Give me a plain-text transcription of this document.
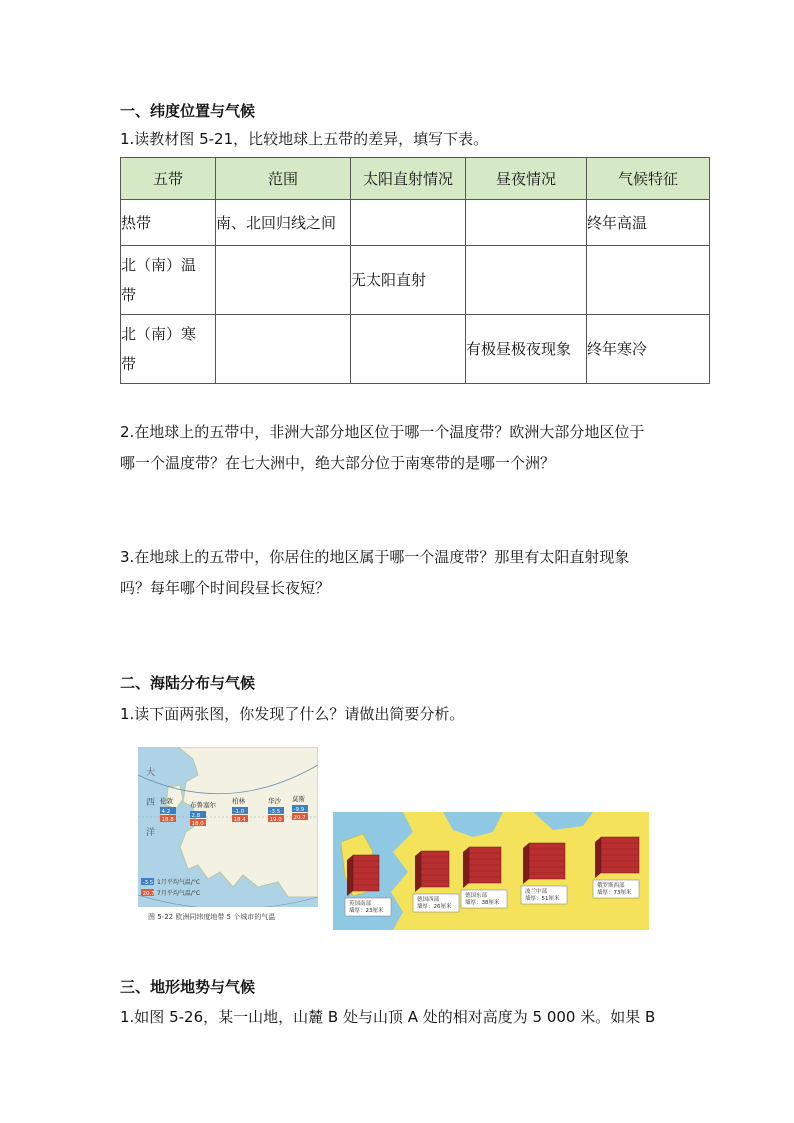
一、纬度位置与气候
1.读教材图 5-21，比较地球上五带的差异，填写下表。
五带	范围	太阳直射情况	昼夜情况	气候特征
热带	南、北回归线之间			终年高温

北（南）温
带		无太阳直射		

北（南）寒
带			有极昼极夜现象	终年寒冷
2.在地球上的五带中，非洲大部分地区位于哪一个温度带？欧洲大部分地区位于
哪一个温度带？在七大洲中，绝大部分位于南寒带的是哪一个洲？
3.在地球上的五带中，你居住的地区属于哪一个温度带？那里有太阳直射现象
吗？每年哪个时间段昼长夜短？
二、海陆分布与气候
1.读下面两张图，你发现了什么？请做出简要分析。
大
西
洋
伦敦
4.2
18.8
布鲁塞尔
2.8
18.0
柏林
-1.0
18.4
华沙
-3.5
19.0
莫斯
-9.9
20.7
-3.5 1月平均气温/°C
20.7 7月平均气温/°C
图 5-22 欧洲同纬度地带 5 个城市的气温
英国南部
墙厚：23厘米
德国西部
墙厚：26厘米
德国东部
墙厚：38厘米
波兰中部
墙厚：51厘米
俄罗斯西部
墙厚：73厘米
三、地形地势与气候
1.如图 5-26，某一山地，山麓 B 处与山顶 A 处的相对高度为 5 000 米。如果 B
